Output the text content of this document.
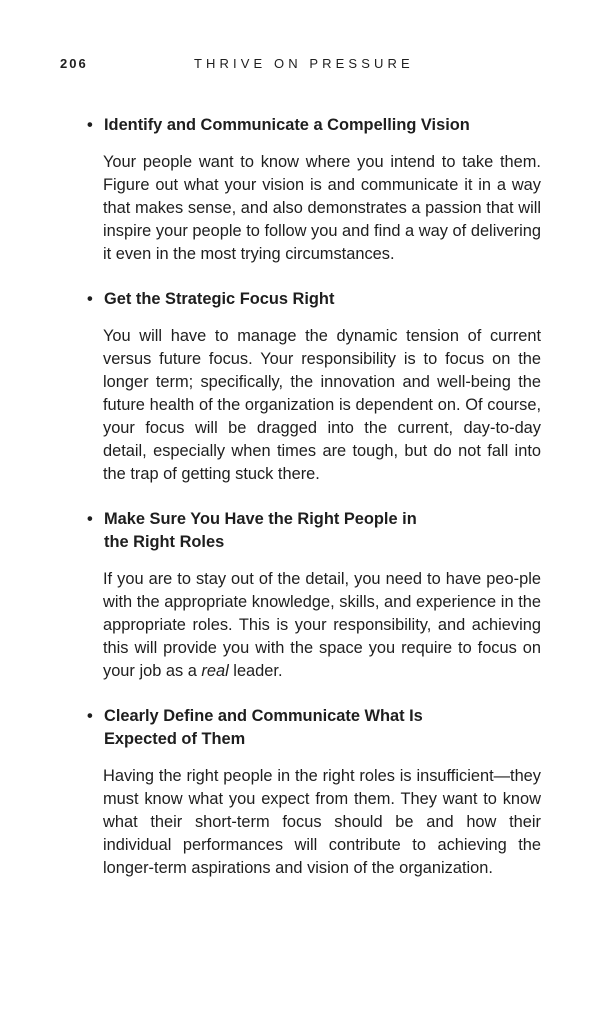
206	THRIVE ON PRESSURE
• Identify and Communicate a Compelling Vision

Your people want to know where you intend to take them. Figure out what your vision is and communicate it in a way that makes sense, and also demonstrates a passion that will inspire your people to follow you and find a way of delivering it even in the most trying circumstances.

• Get the Strategic Focus Right

You will have to manage the dynamic tension of current versus future focus. Your responsibility is to focus on the longer term; specifically, the innovation and well-being the future health of the organization is dependent on. Of course, your focus will be dragged into the current, day-to-day detail, especially when times are tough, but do not fall into the trap of getting stuck there.

• Make Sure You Have the Right People in
the Right Roles

If you are to stay out of the detail, you need to have peo-ple with the appropriate knowledge, skills, and experience in the appropriate roles. This is your responsibility, and achieving this will provide you with the space you require to focus on your job as a real leader.

• Clearly Define and Communicate What Is
Expected of Them

Having the right people in the right roles is insufficient—they must know what you expect from them. They want to know what their short-term focus should be and how their individual performances will contribute to achieving the longer-term aspirations and vision of the organization.
